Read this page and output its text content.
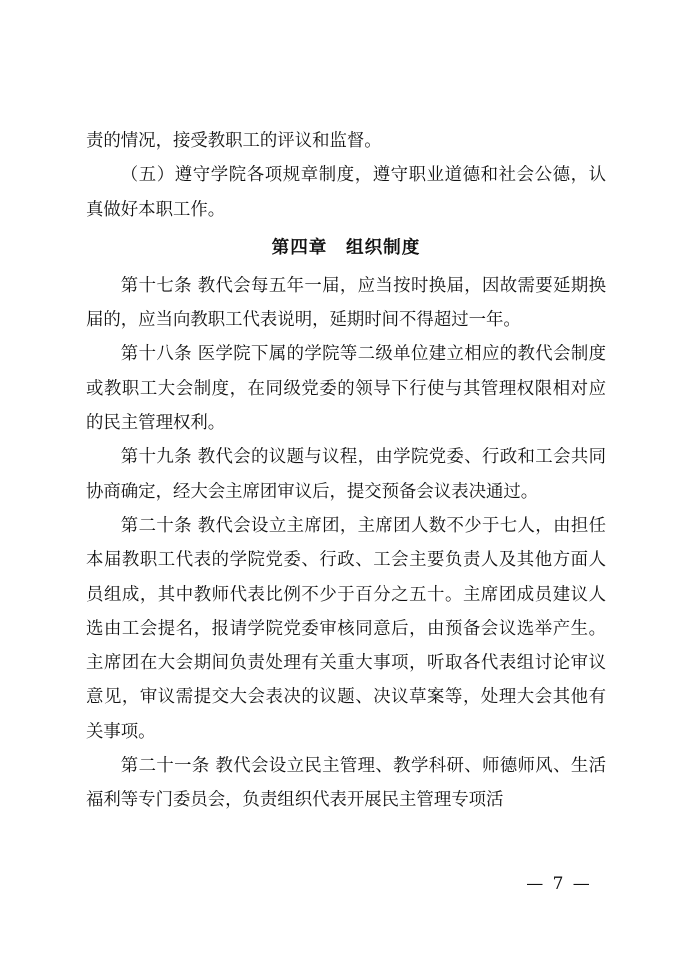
责的情况，接受教职工的评议和监督。

（五）遵守学院各项规章制度，遵守职业道德和社会公德，认真做好本职工作。

第四章　组织制度

第十七条 教代会每五年一届，应当按时换届，因故需要延期换届的，应当向教职工代表说明，延期时间不得超过一年。

第十八条 医学院下属的学院等二级单位建立相应的教代会制度或教职工大会制度，在同级党委的领导下行使与其管理权限相对应的民主管理权利。

第十九条 教代会的议题与议程，由学院党委、行政和工会共同协商确定，经大会主席团审议后，提交预备会议表决通过。

第二十条 教代会设立主席团，主席团人数不少于七人，由担任本届教职工代表的学院党委、行政、工会主要负责人及其他方面人员组成，其中教师代表比例不少于百分之五十。主席团成员建议人选由工会提名，报请学院党委审核同意后，由预备会议选举产生。主席团在大会期间负责处理有关重大事项，听取各代表组讨论审议意见，审议需提交大会表决的议题、决议草案等，处理大会其他有关事项。

第二十一条 教代会设立民主管理、教学科研、师德师风、生活福利等专门委员会，负责组织代表开展民主管理专项活

— 7 —
